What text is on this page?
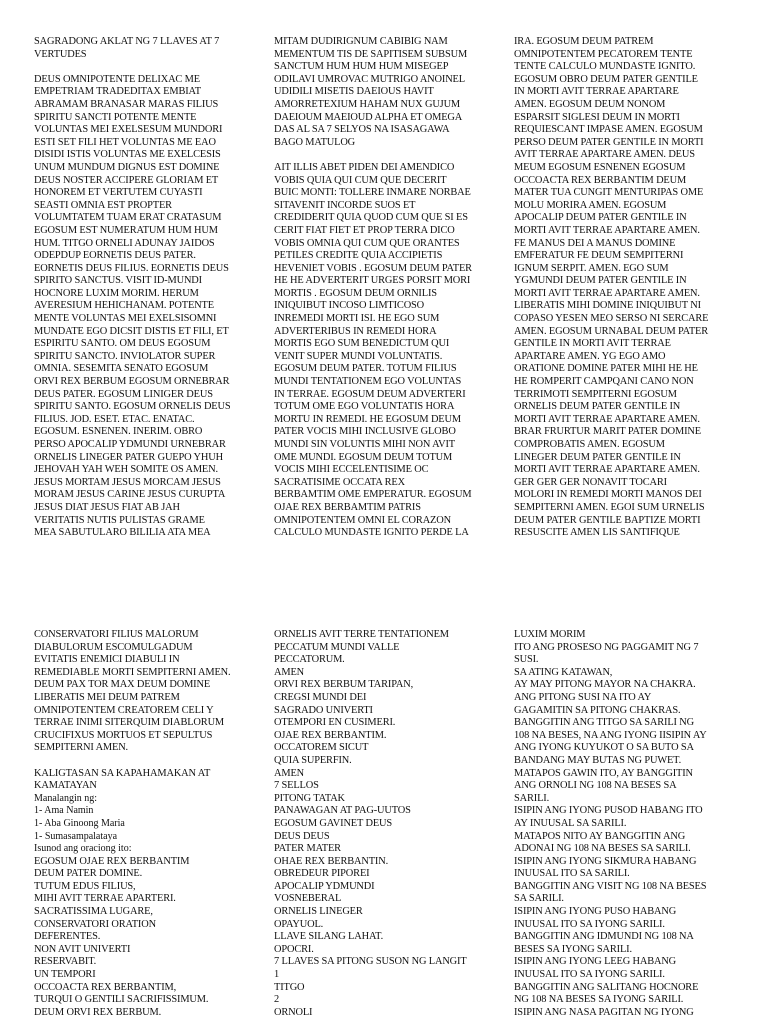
SAGRADONG AKLAT NG 7 LLAVES AT 7
VERTUDES

DEUS OMNIPOTENTE DELIXAC ME
EMPETRIAM TRADEDITAX EMBIAT
ABRAMAM BRANASAR MARAS FILIUS
SPIRITU SANCTI POTENTE MENTE
VOLUNTAS MEI EXELSESUM MUNDORI
ESTI SET FILI HET VOLUNTAS ME EAO
DISIDI ISTIS VOLUNTAS ME EXELCESIS
UNUM MUNDUM DIGNUS EST DOMINE
DEUS NOSTER ACCIPERE GLORIAM ET
HONOREM ET VERTUTEM CUYASTI
SEASTI OMNIA EST PROPTER
VOLUMTATEM TUAM ERAT CRATASUM
EGOSUM EST NUMERATUM HUM HUM
HUM. TITGO ORNELI ADUNAY JAIDOS
ODEPDUP EORNETIS DEUS PATER.
EORNETIS DEUS FILIUS. EORNETIS DEUS
SPIRITO SANCTUS. VISIT ID-MUNDI
HOCNORE LUXIM MORIM. HERUM
AVERESIUM HEHICHANAM. POTENTE
MENTE VOLUNTAS MEI EXELSISOMNI
MUNDATE EGO DICSIT DISTIS ET FILI, ET
ESPIRITU SANTO. OM DEUS EGOSUM
SPIRITU SANCTO. INVIOLATOR SUPER
OMNIA. SESEMITA SENATO EGOSUM
ORVI REX BERBUM EGOSUM ORNEBRAR
DEUS PATER. EGOSUM LINIGER DEUS
SPIRITU SANTO. EGOSUM ORNELIS DEUS
FILIUS. JOD. ESET. ETAC. ENATAC.
EGOSUM. ESNENEN. INERIM. OBRO
PERSO APOCALIP YDMUNDI URNEBRAR
ORNELIS LINEGER PATER GUEPO YHUH
JEHOVAH YAH WEH SOMITE OS AMEN.
JESUS MORTAM JESUS MORCAM JESUS
MORAM JESUS CARINE JESUS CURUPTA
JESUS DIAT JESUS FIAT AB JAH
VERITATIS NUTIS PULISTAS GRAME
MEA SABUTULARO BILILIA ATA MEA
MITAM DUDIRIGNUM CABIBIG NAM
MEMENTUM TIS DE SAPITISEM SUBSUM
SANCTUM HUM HUM HUM MISEGEP
ODILAVI UMROVAC MUTRIGO ANOINEL
UDIDILI MISETIS DAEIOUS HAVIT
AMORRETEXIUM HAHAM NUX GUJUM
DAEIOUM MAEIOUD ALPHA ET OMEGA
DAS AL SA 7 SELYOS NA ISASAGAWA
BAGO MATULOG

AIT ILLIS ABET PIDEN DEI AMENDICO
VOBIS QUIA QUI CUM QUE DECERIT
BUIC MONTI: TOLLERE INMARE NORBAE
SITAVENIT INCORDE SUOS ET
CREDIDERIT QUIA QUOD CUM QUE SI ES
CERIT FIAT FIET ET PROP TERRA DICO
VOBIS OMNIA QUI CUM QUE ORANTES
PETILES CREDITE QUIA ACCIPIETIS
HEVENIET VOBIS . EGOSUM DEUM PATER
HE HE ADVERTERIT URGES PORSIT MORI
MORTIS . EGOSUM DEUM ORNILIS
INIQUIBUT INCOSO LIMTICOSO
INREMEDI MORTI ISI. HE EGO SUM
ADVERTERIBUS IN REMEDI HORA
MORTIS EGO SUM BENEDICTUM QUI
VENIT SUPER MUNDI VOLUNTATIS.
EGOSUM DEUM PATER. TOTUM FILIUS
MUNDI TENTATIONEM EGO VOLUNTAS
IN TERRAE. EGOSUM DEUM ADVERTERI
TOTUM OME EGO VOLUNTATIS HORA
MORTU IN REMEDI. HE EGOSUM DEUM
PATER VOCIS MIHI INCLUSIVE GLOBO
MUNDI SIN VOLUNTIS MIHI NON AVIT
OME MUNDI. EGOSUM DEUM TOTUM
VOCIS MIHI ECCELENTISIME OC
SACRATISIME OCCATA REX
BERBAMTIM OME EMPERATUR. EGOSUM
OJAE REX BERBAMTIM PATRIS
OMNIPOTENTEM OMNI EL CORAZON
CALCULO MUNDASTE IGNITO PERDE LA
IRA. EGOSUM DEUM PATREM
OMNIPOTENTEM PECATOREM TENTE
TENTE CALCULO MUNDASTE IGNITO.
EGOSUM OBRO DEUM PATER GENTILE
IN MORTI AVIT TERRAE APARTARE
AMEN. EGOSUM DEUM NONOM
ESPARSIT SIGLESI DEUM IN MORTI
REQUIESCANT IMPASE AMEN. EGOSUM
PERSO DEUM PATER GENTILE IN MORTI
AVIT TERRAE APARTARE AMEN. DEUS
MEUM EGOSUM ESNENEN EGOSUM
OCCOACTA REX BERBANTIM DEUM
MATER TUA CUNGIT MENTURIPAS OME
MOLU MORIRA AMEN. EGOSUM
APOCALIP DEUM PATER GENTILE IN
MORTI AVIT TERRAE APARTARE AMEN.
FE MANUS DEI A MANUS DOMINE
EMFERATUR FE DEUM SEMPITERNI
IGNUM SERPIT. AMEN. EGO SUM
YGMUNDI DEUM PATER GENTILE IN
MORTI AVIT TERRAE APARTARE AMEN.
LIBERATIS MIHI DOMINE INIQUIBUT NI
COPASO YESEN MEO SERSO NI SERCARE
AMEN. EGOSUM URNABAL DEUM PATER
GENTILE IN MORTI AVIT TERRAE
APARTARE AMEN. YG EGO AMO
ORATIONE DOMINE PATER MIHI HE HE
HE ROMPERIT CAMPQANI CANO NON
TERRIMOTI SEMPITERNI EGOSUM
ORNELIS DEUM PATER GENTILE IN
MORTI AVIT TERRAE APARTARE AMEN.
BRAR FRURTUR MARIT PATER DOMINE
COMPROBATIS AMEN. EGOSUM
LINEGER DEUM PATER GENTILE IN
MORTI AVIT TERRAE APARTARE AMEN.
GER GER GER NONAVIT TOCARI
MOLORI IN REMEDI MORTI MANOS DEI
SEMPITERNI AMEN. EGOI SUM URNELIS
DEUM PATER GENTILE BAPTIZE MORTI
RESUSCITE AMEN LIS SANTIFIQUE
CONSERVATORI FILIUS MALORUM
DIABULORUM ESCOMULGADUM
EVITATIS ENEMICI DIABULI IN
REMEDIABLE MORTI SEMPITERNI AMEN.
DEUM PAX TOR MAX DEUM DOMINE
LIBERATIS MEI DEUM PATREM
OMNIPOTENTEM CREATOREM CELI Y
TERRAE INIMI SITERQUIM DIABLORUM
CRUCIFIXUS MORTUOS ET SEPULTUS
SEMPITERNI AMEN.

KALIGTASAN SA KAPAHAMAKAN AT
KAMATAYAN
Manalangin ng:
1- Ama Namin
1- Aba Ginoong Maria
1- Sumasampalataya
Isunod ang oraciong ito:
EGOSUM OJAE REX BERBANTIM
DEUM PATER DOMINE.
TUTUM EDUS FILIUS,
MIHI AVIT TERRAE APARTERI.
SACRATISSIMA LUGARE,
CONSERVATORI ORATION
DEFERENTES.
NON AVIT UNIVERTI
RESERVABIT.
UN TEMPORI
OCCOACTA REX BERBANTIM,
TURQUI O GENTILI SACRIFISSIMUM.
DEUM ORVI REX BERBUM.
ORNELIS AVIT TERRE TENTATIONEM
PECCATUM MUNDI VALLE
PECCATORUM.
AMEN
ORVI REX BERBUM TARIPAN,
CREGSI MUNDI DEI
SAGRADO UNIVERTI
OTEMPORI EN CUSIMERI.
OJAE REX BERBANTIM.
OCCATOREM SICUT
QUIA SUPERFIN.
AMEN
7 SELLOS
PITONG TATAK
PANAWAGAN AT PAG-UUTOS
EGOSUM GAVINET DEUS
DEUS DEUS
PATER MATER
OHAE REX BERBANTIN.
OBREDEUR PIPOREI
APOCALIP YDMUNDI
VOSNEBERAL
ORNELIS LINEGER
OPAYUOL.
LLAVE SILANG LAHAT.
OPOCRI.
7 LLAVES SA PITONG SUSON NG LANGIT
1
TITGO
2
ORNOLI
LUXIM MORIM
ITO ANG PROSESO NG PAGGAMIT NG 7
SUSI.
SA ATING KATAWAN,
AY MAY PITONG MAYOR NA CHAKRA.
ANG PITONG SUSI NA ITO AY
GAGAMITIN SA PITONG CHAKRAS.
BANGGITIN ANG TITGO SA SARILI NG
108 NA BESES, NA ANG IYONG IISIPIN AY
ANG IYONG KUYUKOT O SA BUTO SA
BANDANG MAY BUTAS NG PUWET.
MATAPOS GAWIN ITO, AY BANGGITIN
ANG ORNOLI NG 108 NA BESES SA
SARILI.
ISIPIN ANG IYONG PUSOD HABANG ITO
AY INUUSAL SA SARILI.
MATAPOS NITO AY BANGGITIN ANG
ADONAI NG 108 NA BESES SA SARILI.
ISIPIN ANG IYONG SIKMURA HABANG
INUUSAL ITO SA SARILI.
BANGGITIN ANG VISIT NG 108 NA BESES
SA SARILI.
ISIPIN ANG IYONG PUSO HABANG
INUUSAL ITO SA IYONG SARILI.
BANGGITIN ANG IDMUNDI NG 108 NA
BESES SA IYONG SARILI.
ISIPIN ANG IYONG LEEG HABANG
INUUSAL ITO SA IYONG SARILI.
BANGGITIN ANG SALITANG HOCNORE
NG 108 NA BESES SA IYONG SARILI.
ISIPIN ANG NASA PAGITAN NG IYONG
